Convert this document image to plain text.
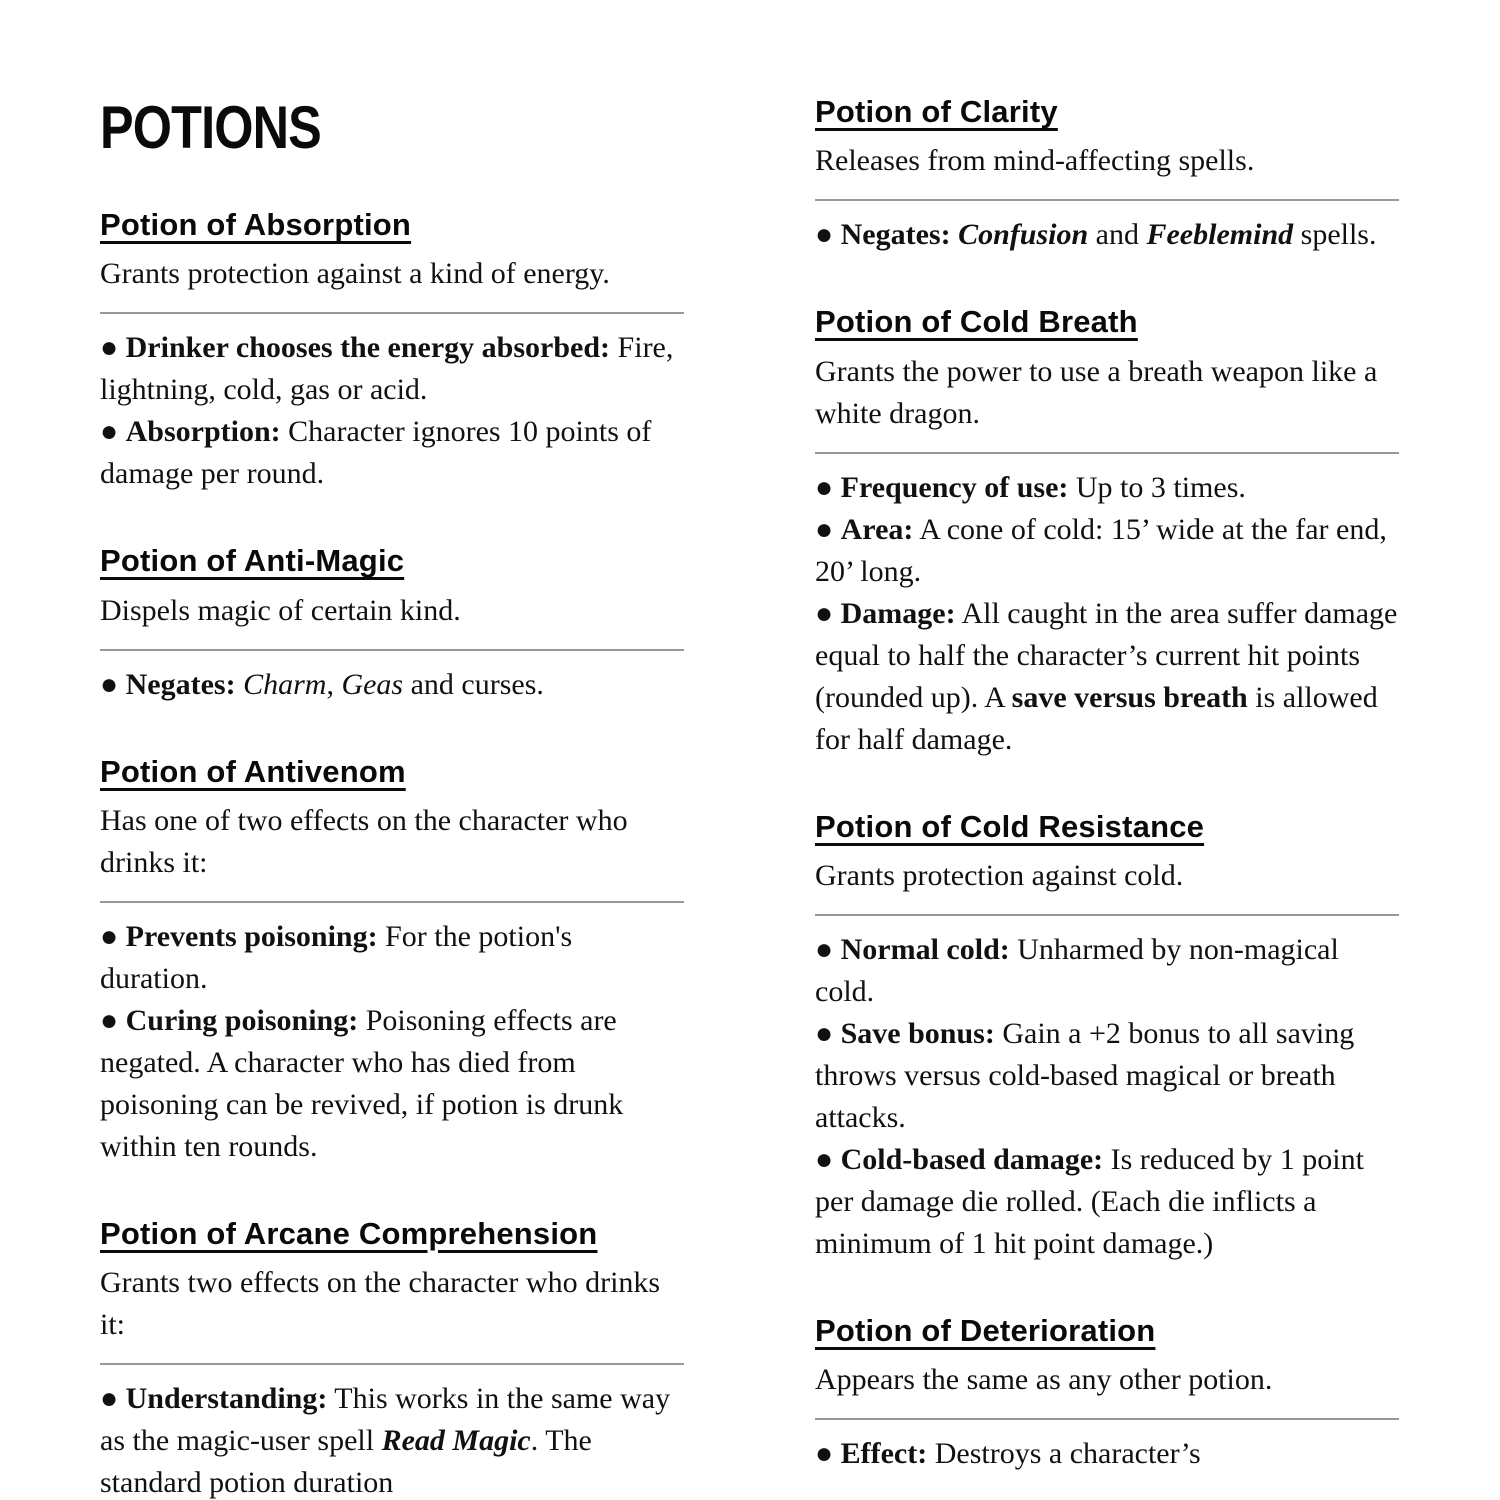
POTIONS
Potion of Absorption

Grants protection against a kind of energy.

● Drinker chooses the energy absorbed: Fire, lightning, cold, gas or acid.

● Absorption: Character ignores 10 points of damage per round.

Potion of Anti-Magic

Dispels magic of certain kind.

● Negates: Charm, Geas and curses.

Potion of Antivenom

Has one of two effects on the character who drinks it:

● Prevents poisoning: For the potion's duration.

● Curing poisoning: Poisoning effects are negated. A character who has died from poisoning can be revived, if potion is drunk within ten rounds.

Potion of Arcane Comprehension

Grants two effects on the character who drinks it:

● Understanding: This works in the same way as the magic-user spell Read Magic. The standard potion duration

Potion of Clarity

Releases from mind-affecting spells.

● Negates: Confusion and Feeblemind spells.

Potion of Cold Breath

Grants the power to use a breath weapon like a white dragon.

● Frequency of use: Up to 3 times.

● Area: A cone of cold: 15’ wide at the far end, 20’ long.

● Damage: All caught in the area suffer damage equal to half the character’s current hit points (rounded up). A save versus breath is allowed for half damage.

Potion of Cold Resistance

Grants protection against cold.

● Normal cold: Unharmed by non-magical cold.

● Save bonus: Gain a +2 bonus to all saving throws versus cold-based magical or breath attacks.

● Cold-based damage: Is reduced by 1 point per damage die rolled. (Each die inflicts a minimum of 1 hit point damage.)

Potion of Deterioration

Appears the same as any other potion.

● Effect: Destroys a character’s
